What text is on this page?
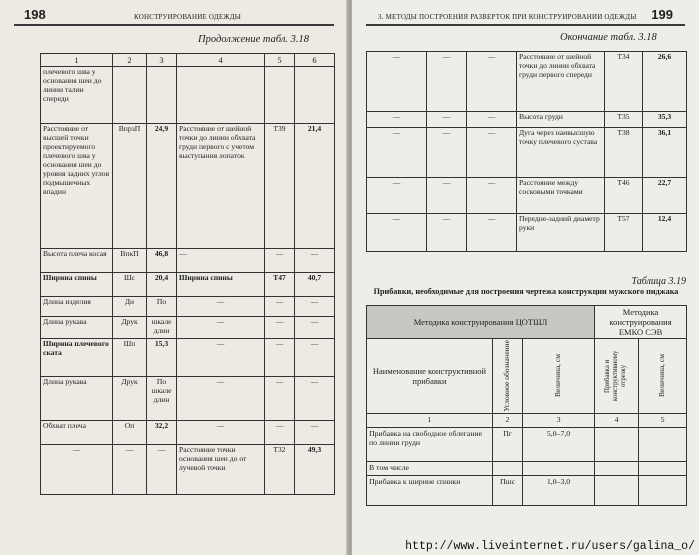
198	КОНСТРУИРОВАНИЕ ОДЕЖДЫ
Продолжение табл. 3.18
1	2	3	4	5	6
плечевого шва у основания шеи до линии талии спереди					
Расстояние от высшей точки проектируемого плечевого шва у основания шеи до уровня задних углов подмышечных впадин	ВпрзП	24,9	Расстояние от шейной точки до линии обхвата груди первого с учетом выступания лопаток	Т39	21,4
Высота плеча косая	ВпкП	46,8	—	—	—
Ширина спины	Шс	20,4	Ширина спины	Т47	40,7
Длина изделия	Ди	По	—	—	—
Длина рукава	Друк	шкале длин	—	—	—
Ширина плечевого ската	Шп	15,3	—	—	—
Длина рукава	Друк	По шкале длин	—	—	—
Обхват плеча	Оп	32,2	—	—	—
—	—	—	Расстояние точки основания шеи до от лучевой точки	Т32	49,3
3. МЕТОДЫ ПОСТРОЕНИЯ РАЗВЕРТОК ПРИ КОНСТРУИРОВАНИИ ОДЕЖДЫ 199
Окончание табл. 3.18
—	—	—	Расстояние от шейной точки до линии обхвата груди первого спереди	Т34	26,6
—	—	—	Высота груди	Т35	35,3
—	—	—	Дуга через наивысшую точку плечевого сустава	Т38	36,1
—	—	—	Расстояние между сосковыми точками	Т46	22,7
—	—	—	Передне-задний диаметр руки	Т57	12,4
Таблица 3.19
Прибавки, необходимые для построения чертежа конструкции мужского пиджака
Методика конструирования ЦОТШЛ			Методика конструирования ЕМКО СЭВ	
Наименование конструктивной прибавки	Условное обозначение	Величина, см	Прибавка и конструктивному отрезку	Величина, см

1	2	3	4	5
Прибавка на свободное облегание по линии груди	Пг	5,0–7,0		
В том числе				
Прибавка к ширине спинки	Пшс	1,0–3,0		
http://www.liveinternet.ru/users/galina_o/
